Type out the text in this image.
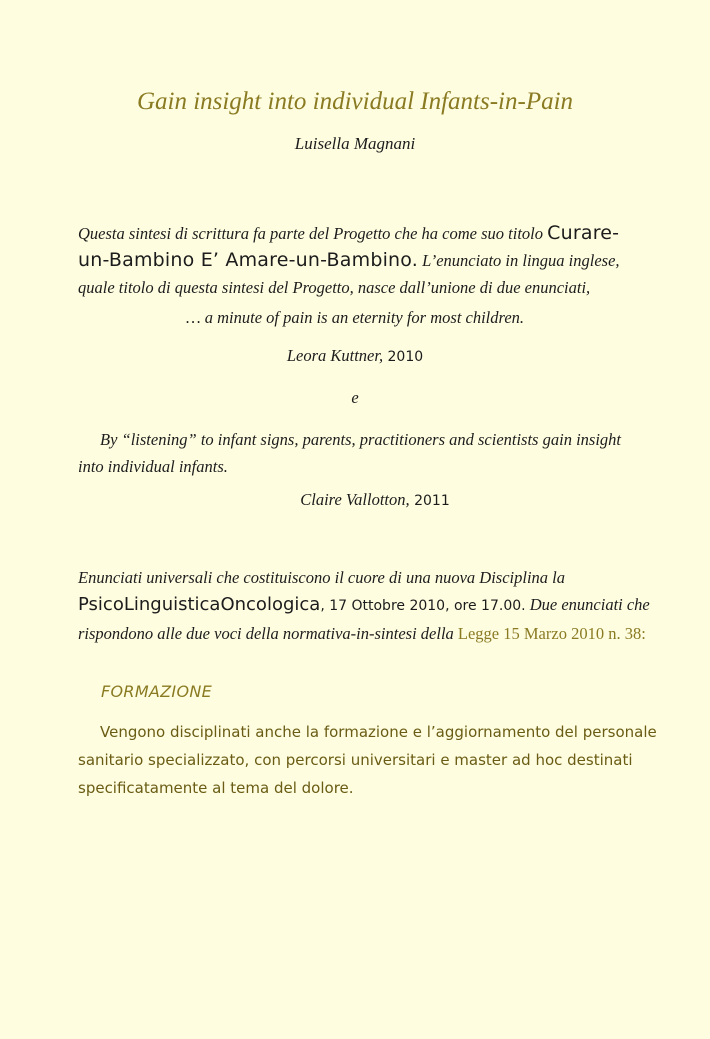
Gain insight into individual Infants-in-Pain
Luisella Magnani
Questa sintesi di scrittura fa parte del Progetto che ha come suo titolo Curare-un-Bambino E’ Amare-un-Bambino. L’enunciato in lingua inglese, quale titolo di questa sintesi del Progetto, nasce dall’unione di due enunciati,
… a minute of pain is an eternity for most children.
Leora Kuttner, 2010
e
By “listening” to infant signs, parents, practitioners and scientists gain insight into individual infants.
Claire Vallotton, 2011
Enunciati universali che costituiscono il cuore di una nuova Disciplina la PsicoLinguisticaOncologica, 17 Ottobre 2010, ore 17.00. Due enunciati che rispondono alle due voci della normativa-in-sintesi della Legge 15 Marzo 2010 n. 38:
FORMAZIONE
Vengono disciplinati anche la formazione e l’aggiornamento del personale sanitario specializzato, con percorsi universitari e master ad hoc destinati specificatamente al tema del dolore.
